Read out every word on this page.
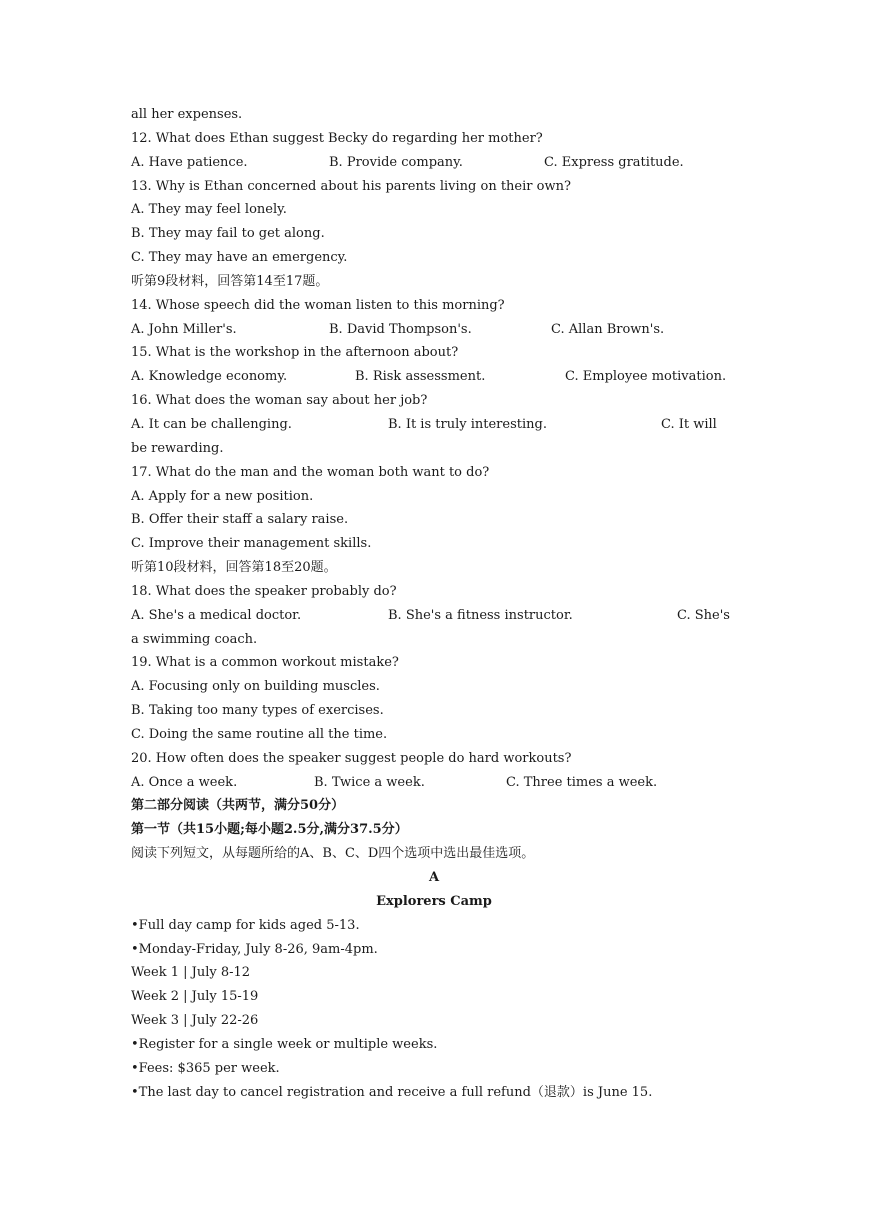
all her expenses.
12. What does Ethan suggest Becky do regarding her mother?
A. Have patience.	B. Provide company.	C. Express gratitude.
13. Why is Ethan concerned about his parents living on their own?
A. They may feel lonely.
B. They may fail to get along.
C. They may have an emergency.
听第9段材料，回答第14至17题。
14. Whose speech did the woman listen to this morning?
A. John Miller's.	B. David Thompson's.	C. Allan Brown's.
15. What is the workshop in the afternoon about?
A. Knowledge economy.	B. Risk assessment.	C. Employee motivation.
16. What does the woman say about her job?
A. It can be challenging.	B. It is truly interesting.	C. It will
be rewarding.
17. What do the man and the woman both want to do?
A. Apply for a new position.
B. Offer their staff a salary raise.
C. Improve their management skills.
听第10段材料，回答第18至20题。
18. What does the speaker probably do?
A. She's a medical doctor.	B. She's a fitness instructor.	C. She's
a swimming coach.
19. What is a common workout mistake?
A. Focusing only on building muscles.
B. Taking too many types of exercises.
C. Doing the same routine all the time.
20. How often does the speaker suggest people do hard workouts?
A. Once a week.	B. Twice a week.	C. Three times a week.
第二部分阅读（共两节，满分50分）
第一节（共15小题;每小题2.5分,满分37.5分）
阅读下列短文，从每题所给的A、B、C、D四个选项中选出最佳选项。
A
Explorers Camp
•Full day camp for kids aged 5-13.
•Monday-Friday, July 8-26, 9am-4pm.
Week 1 | July 8-12
Week 2 | July 15-19
Week 3 | July 22-26
•Register for a single week or multiple weeks.
•Fees: $365 per week.
•The last day to cancel registration and receive a full refund（退款）is June 15.
